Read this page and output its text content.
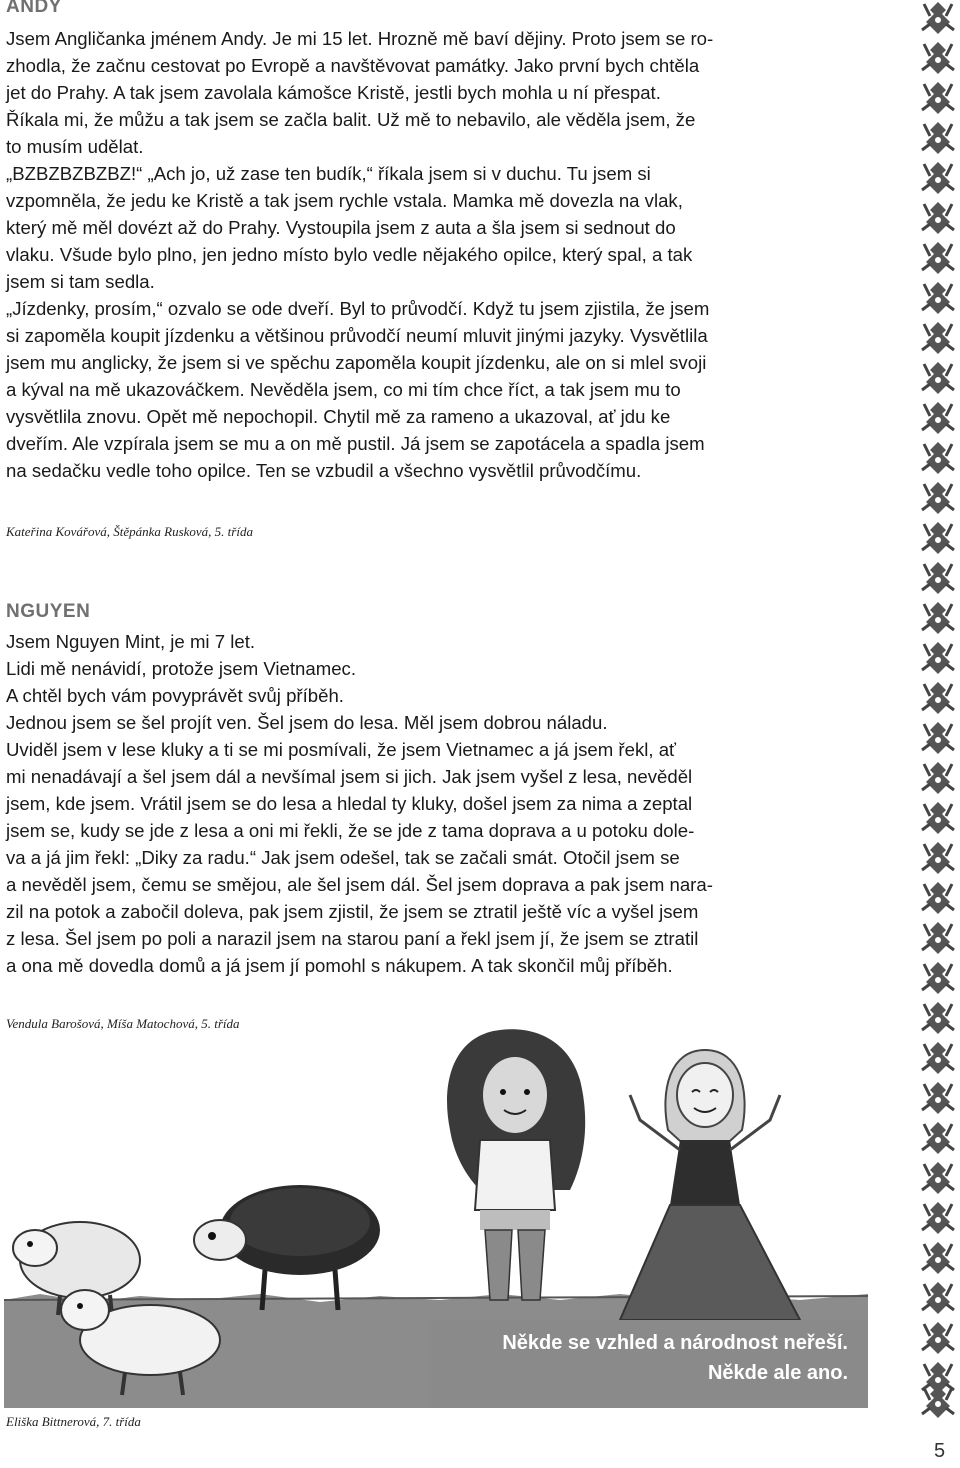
ANDY
Jsem Angličanka jménem Andy. Je mi 15 let. Hrozně mě baví dějiny. Proto jsem se ro-
zhodla, že začnu cestovat po Evropě a navštěvovat památky. Jako první bych chtěla
jet do Prahy. A tak jsem zavolala kámošce Kristě, jestli bych mohla u ní přespat.
Říkala mi, že můžu a tak jsem se začla balit. Už mě to nebavilo, ale věděla jsem, že
to musím udělat.
„BZBZBZBZBZ!“ „Ach jo, už zase ten budík,“ říkala jsem si v duchu. Tu jsem si
vzpomněla, že jedu ke Kristě a tak jsem rychle vstala. Mamka mě dovezla na vlak,
který mě měl dovézt až do Prahy. Vystoupila jsem z auta a šla jsem si sednout do
vlaku. Všude bylo plno, jen jedno místo bylo vedle nějakého opilce, který spal, a tak
jsem si tam sedla.
„Jízdenky, prosím,“ ozvalo se ode dveří. Byl to průvodčí. Když tu jsem zjistila, že jsem
si zapoměla koupit jízdenku a většinou průvodčí neumí mluvit jinými jazyky. Vysvětlila
jsem mu anglicky, že jsem si ve spěchu zapoměla koupit jízdenku, ale on si mlel svoji
a kýval na mě ukazováčkem. Nevěděla jsem, co mi tím chce říct, a tak jsem mu to
vysvětlila znovu. Opět mě nepochopil. Chytil mě za rameno a ukazoval, ať jdu ke
dveřím. Ale vzpírala jsem se mu a on mě pustil. Já jsem se zapotácela a spadla jsem
na sedačku vedle toho opilce. Ten se vzbudil a všechno vysvětlil průvodčímu.
Kateřina Kovářová, Štěpánka Rusková, 5. třída
NGUYEN
Jsem Nguyen Mint, je mi 7 let.
Lidi mě nenávidí, protože jsem Vietnamec.
A chtěl bych vám povyprávět svůj příběh.
Jednou jsem se šel projít ven. Šel jsem do lesa. Měl jsem dobrou náladu.
Uviděl jsem v lese kluky a ti se mi posmívali, že jsem Vietnamec a já jsem řekl, ať
mi nenadávají a šel jsem dál a nevšímal jsem si jich. Jak jsem vyšel z lesa, nevěděl
jsem, kde jsem. Vrátil jsem se do lesa a hledal ty kluky, došel jsem za nima a zeptal
jsem se, kudy se jde z lesa a oni mi řekli, že se jde z tama doprava a u potoku dole-
va a já jim řekl: „Diky za radu.“ Jak jsem odešel, tak se začali smát. Otočil jsem se
a nevěděl jsem, čemu se smějou, ale šel jsem dál. Šel jsem doprava a pak jsem nara-
zil na potok a zabočil doleva, pak jsem zjistil, že jsem se ztratil ještě víc a vyšel jsem
z lesa. Šel jsem po poli a narazil jsem na starou paní a řekl jsem jí, že jsem se ztratil
a ona mě dovedla domů a já jsem jí pomohl s nákupem. A tak skončil můj příběh.
Vendula Barošová, Míša Matochová, 5. třída
Někde se vzhled a národnost neřeší.
Někde ale ano.
Eliška Bittnerová, 7. třída
5
